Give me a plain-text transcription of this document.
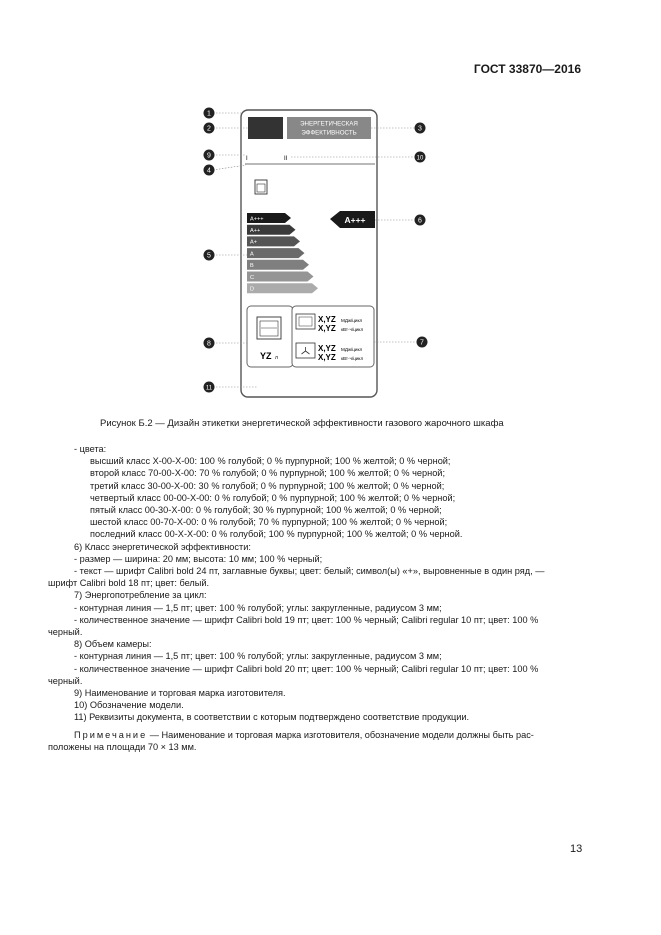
ГОСТ 33870—2016
ЭНЕРГЕТИЧЕСКАЯ
ЭФФЕКТИВНОСТЬ
I	II
A+++
A++
A+
A
B
C
D
A+++
YZ л
X,YZ МДж/цикл
X,YZ кВт·ч/цикл
X,YZ МДж/цикл
X,YZ кВт·ч/цикл
1
2	3
4
5
6
7
8
9	10
11
Рисунок Б.2 — Дизайн этикетки энергетической эффективности газового жарочного шкафа

- цвета:

высший класс X-00-X-00: 100 % голубой; 0 % пурпурной; 100 % желтой; 0 % черной;

второй класс 70-00-X-00: 70 % голубой; 0 % пурпурной; 100 % желтой; 0 % черной;

третий класс 30-00-X-00: 30 % голубой; 0 % пурпурной; 100 % желтой; 0 % черной;

четвертый класс 00-00-X-00: 0 % голубой; 0 % пурпурной; 100 % желтой; 0 % черной;

пятый класс 00-30-X-00: 0 % голубой; 30 % пурпурной; 100 % желтой; 0 % черной;

шестой класс 00-70-X-00: 0 % голубой; 70 % пурпурной; 100 % желтой; 0 % черной;

последний класс 00-X-X-00: 0 % голубой; 100 % пурпурной; 100 % желтой; 0 % черной.

6) Класс энергетической эффективности:

- размер — ширина: 20 мм; высота: 10 мм; 100 % черный;

- текст — шрифт Calibri bold 24 пт, заглавные буквы; цвет: белый; символ(ы) «+», выровненные в один ряд, —

шрифт Calibri bold 18 пт; цвет: белый.

7) Энергопотребление за цикл:

- контурная линия — 1,5 пт; цвет: 100 % голубой; углы: закругленные, радиусом 3 мм;

- количественное значение — шрифт Calibri bold 19 пт; цвет: 100 % черный; Calibri regular 10 пт; цвет: 100 %

черный.

8) Объем камеры:

- контурная линия — 1,5 пт; цвет: 100 % голубой; углы: закругленные, радиусом 3 мм;

- количественное значение — шрифт Calibri bold 20 пт; цвет: 100 % черный; Calibri regular 10 пт; цвет: 100 %

черный.

9) Наименование и торговая марка изготовителя.

10) Обозначение модели.

11) Реквизиты документа, в соответствии с которым подтверждено соответствие продукции.

Примечание — Наименование и торговая марка изготовителя, обозначение модели должны быть рас-

положены на площади 70 × 13 мм.

13
